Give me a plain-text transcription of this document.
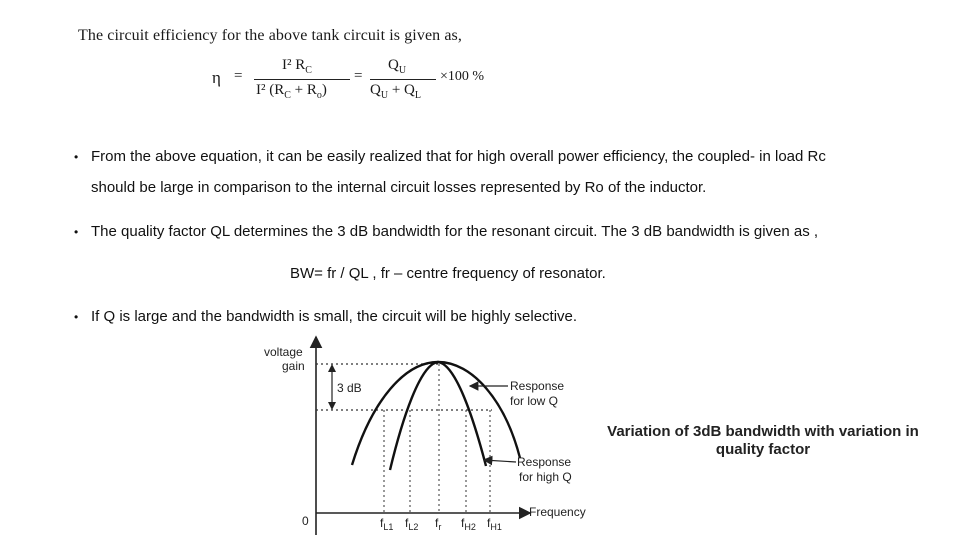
The circuit efficiency for the above tank circuit is given as,
η =
I² $R_C$
I² $(R_C + R_o)$
=
$Q_U$
$Q_U + Q_L$
×100 %
• From the above equation, it can be easily realized that for high overall power efficiency, the coupled- in load Rc
should be large in comparison to the internal circuit losses represented by Ro of the inductor.
• The quality factor QL determines the 3 dB bandwidth for the resonant circuit. The 3 dB bandwidth is given as ,
BW= fr / QL , fr – centre frequency of resonator.
• If Q is large and the bandwidth is small, the circuit will be highly selective.
voltage
gain
3 dB	Response
for low Q
Response
for high Q
Frequency
0	$f_{L1}$ $f_{L2}$ $f_r$ $f_{H2}$ $f_{H1}$
Variation of 3dB bandwidth with variation in
quality factor
